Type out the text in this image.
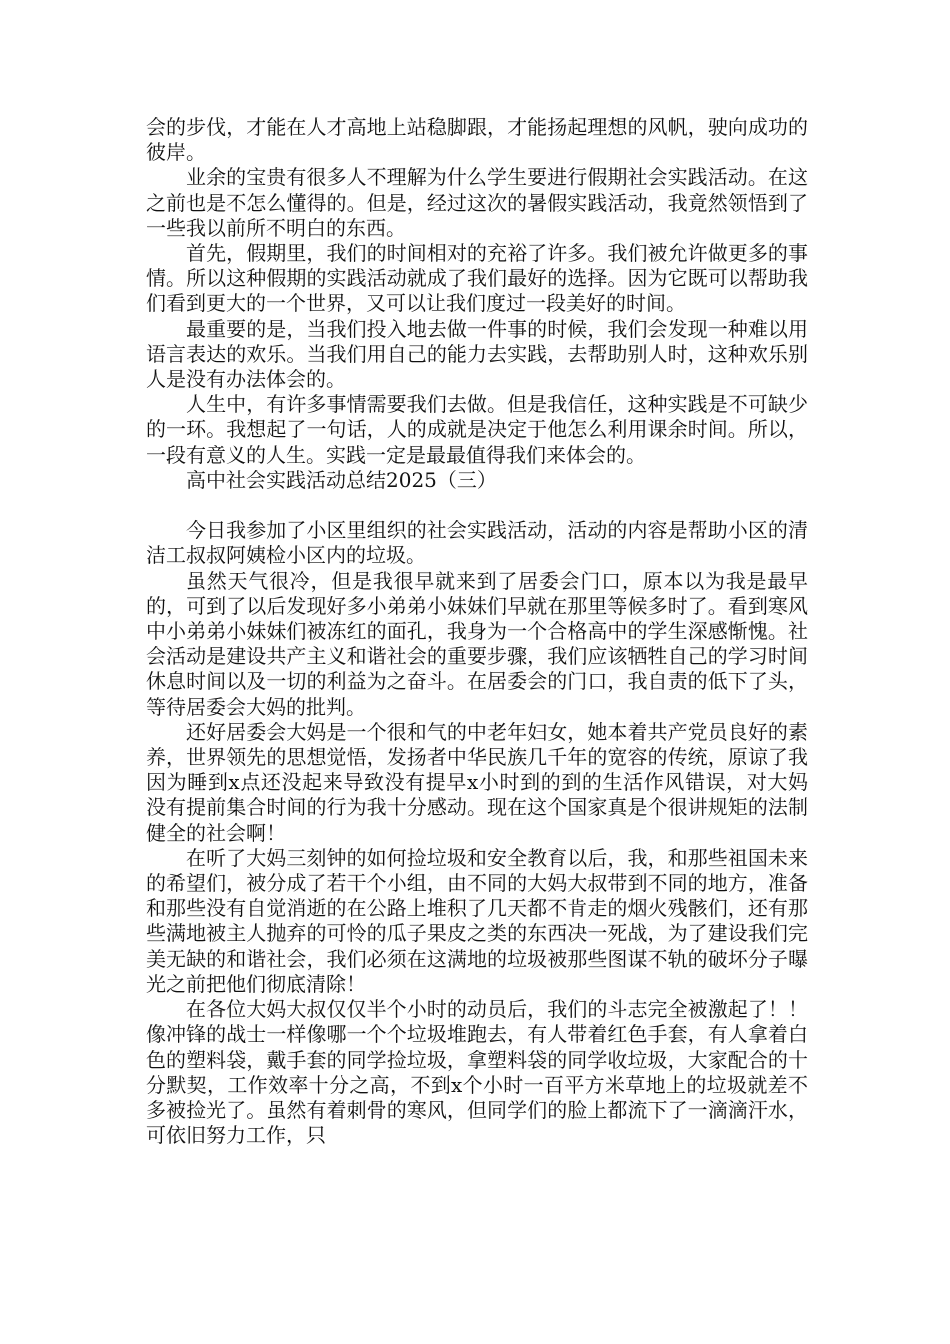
会的步伐，才能在人才高地上站稳脚跟，才能扬起理想的风帆，驶向成功的彼岸。

业余的宝贵有很多人不理解为什么学生要进行假期社会实践活动。在这之前也是不怎么懂得的。但是，经过这次的暑假实践活动，我竟然领悟到了一些我以前所不明白的东西。

首先，假期里，我们的时间相对的充裕了许多。我们被允许做更多的事情。所以这种假期的实践活动就成了我们最好的选择。因为它既可以帮助我们看到更大的一个世界，又可以让我们度过一段美好的时间。

最重要的是，当我们投入地去做一件事的时候，我们会发现一种难以用语言表达的欢乐。当我们用自己的能力去实践，去帮助别人时，这种欢乐别人是没有办法体会的。

人生中，有许多事情需要我们去做。但是我信任，这种实践是不可缺少的一环。我想起了一句话，人的成就是决定于他怎么利用课余时间。所以，一段有意义的人生。实践一定是最最值得我们来体会的。

高中社会实践活动总结2025（三）

今日我参加了小区里组织的社会实践活动，活动的内容是帮助小区的清洁工叔叔阿姨检小区内的垃圾。

虽然天气很冷，但是我很早就来到了居委会门口，原本以为我是最早的，可到了以后发现好多小弟弟小妹妹们早就在那里等候多时了。看到寒风中小弟弟小妹妹们被冻红的面孔，我身为一个合格高中的学生深感惭愧。社会活动是建设共产主义和谐社会的重要步骤，我们应该牺牲自己的学习时间休息时间以及一切的利益为之奋斗。在居委会的门口，我自责的低下了头，等待居委会大妈的批判。

还好居委会大妈是一个很和气的中老年妇女，她本着共产党员良好的素养，世界领先的思想觉悟，发扬者中华民族几千年的宽容的传统，原谅了我因为睡到x点还没起来导致没有提早x小时到的到的生活作风错误，对大妈没有提前集合时间的行为我十分感动。现在这个国家真是个很讲规矩的法制健全的社会啊！

在听了大妈三刻钟的如何捡垃圾和安全教育以后，我，和那些祖国未来的希望们，被分成了若干个小组，由不同的大妈大叔带到不同的地方，准备和那些没有自觉消逝的在公路上堆积了几天都不肯走的烟火残骸们，还有那些满地被主人抛弃的可怜的瓜子果皮之类的东西决一死战，为了建设我们完美无缺的和谐社会，我们必须在这满地的垃圾被那些图谋不轨的破坏分子曝光之前把他们彻底清除！

在各位大妈大叔仅仅半个小时的动员后，我们的斗志完全被激起了！！像冲锋的战士一样像哪一个个垃圾堆跑去，有人带着红色手套，有人拿着白色的塑料袋，戴手套的同学捡垃圾，拿塑料袋的同学收垃圾，大家配合的十分默契，工作效率十分之高，不到x个小时一百平方米草地上的垃圾就差不多被捡光了。虽然有着刺骨的寒风，但同学们的脸上都流下了一滴滴汗水，可依旧努力工作，只
